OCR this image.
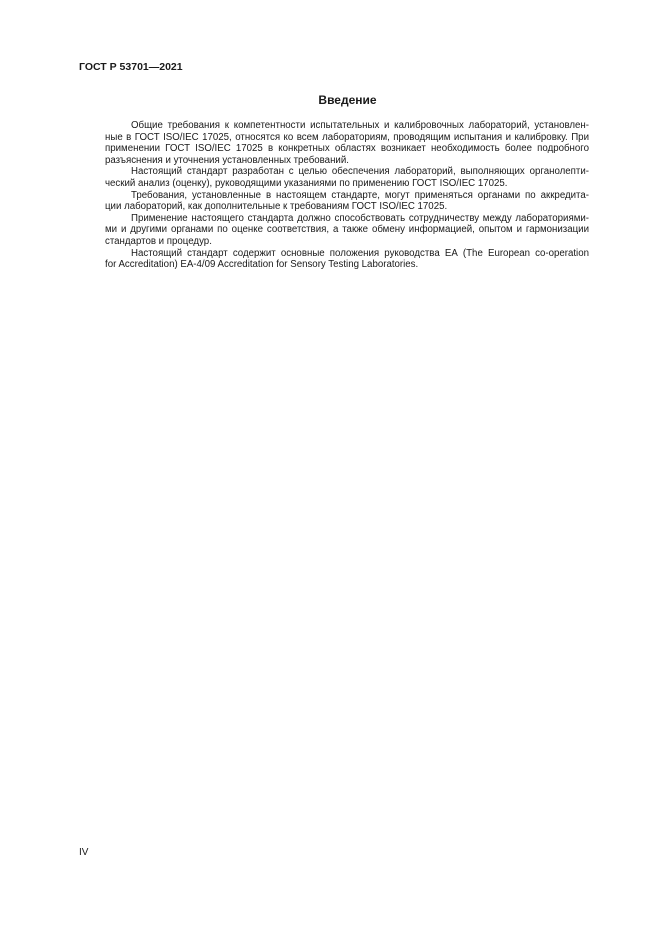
ГОСТ Р 53701—2021
Введение
Общие требования к компетентности испытательных и калибровочных лабораторий, установлен-
ные в ГОСТ ISO/IEC 17025, относятся ко всем лабораториям, проводящим испытания и калибровку. При
применении ГОСТ ISO/IEC 17025 в конкретных областях возникает необходимость более подробного
разъяснения и уточнения установленных требований.
Настоящий стандарт разработан с целью обеспечения лабораторий, выполняющих органолепти-
ческий анализ (оценку), руководящими указаниями по применению ГОСТ ISO/IEC 17025.
Требования, установленные в настоящем стандарте, могут применяться органами по аккредита-
ции лабораторий, как дополнительные к требованиям ГОСТ ISO/IEC 17025.
Применение настоящего стандарта должно способствовать сотрудничеству между лабораториями-
ми и другими органами по оценке соответствия, а также обмену информацией, опытом и гармонизации
стандартов и процедур.
Настоящий стандарт содержит основные положения руководства ЕА (The European co-operation
for Accreditation) EA-4/09 Accreditation for Sensory Testing Laboratories.
IV
